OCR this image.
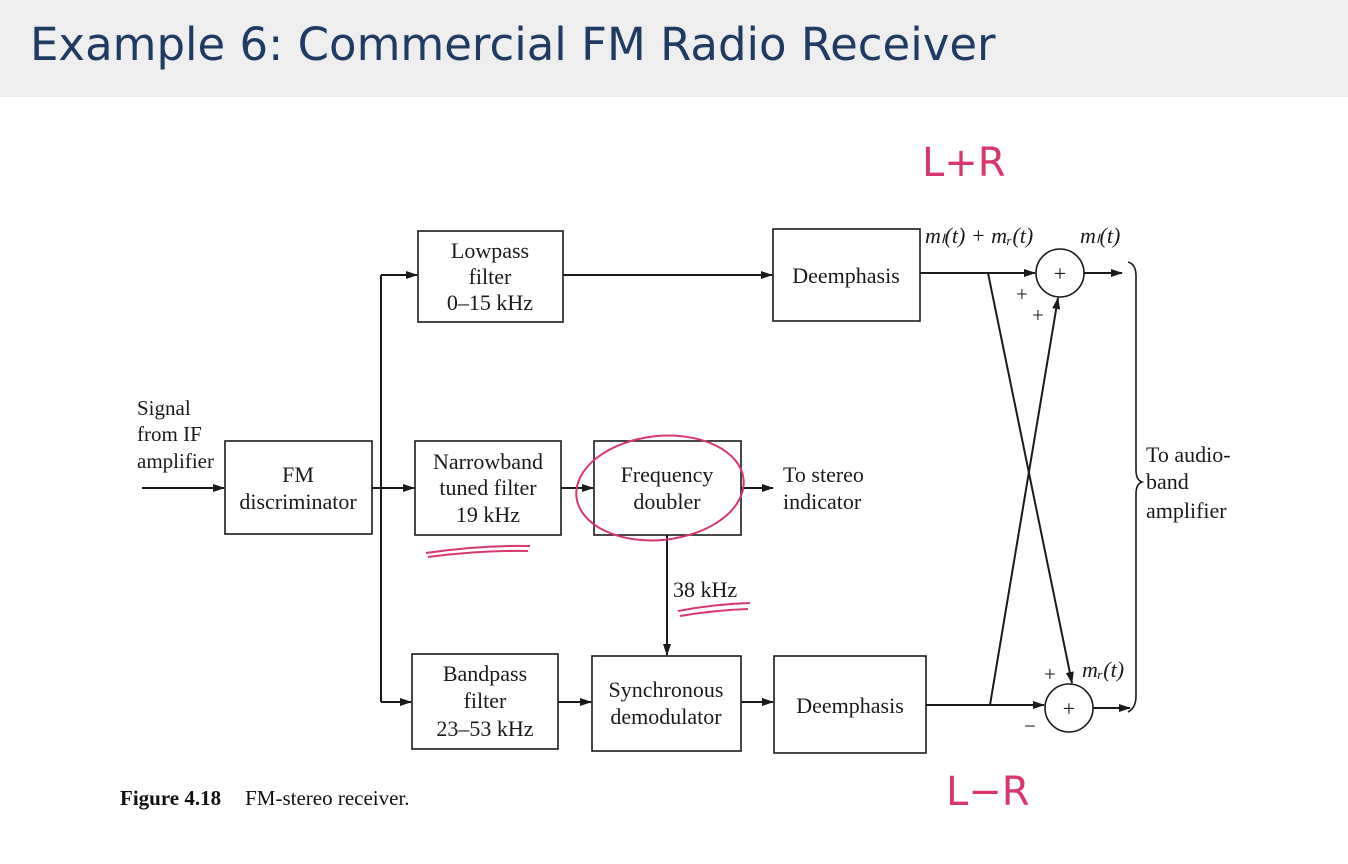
Example 6: Commercial FM Radio Receiver
Signal
from IF
amplifier
FM
discriminator
Lowpass
filter
0–15 kHz
Deemphasis
Narrowband
tuned filter
19 kHz
Frequency
doubler
Bandpass
filter
23–53 kHz
Synchronous
demodulator	Deemphasis
+
+
To stereo
indicator
38 kHz
mₗ(t) + mᵣ(t) mₗ(t)
mᵣ(t)
+
+
+
−
To audio-
band
amplifier
L+R
L−R
Figure 4.18 FM-stereo receiver.
